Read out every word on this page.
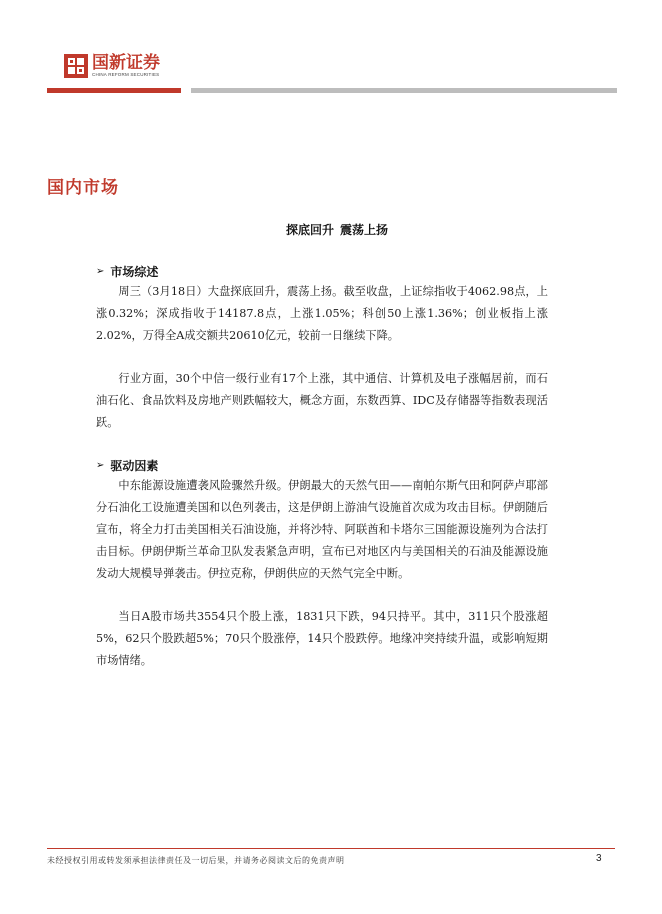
国新证券
CHINA REFORM SECURITIES
国内市场
探底回升 震荡上扬
➢ 市场综述

周三（3月18日）大盘探底回升，震荡上扬。截至收盘，上证综指收于4062.98点，上涨0.32%；深成指收于14187.8点，上涨1.05%；科创50上涨1.36%；创业板指上涨2.02%，万得全A成交额共20610亿元，较前一日继续下降。

行业方面，30个中信一级行业有17个上涨，其中通信、计算机及电子涨幅居前，而石油石化、食品饮料及房地产则跌幅较大，概念方面，东数西算、IDC及存储器等指数表现活跃。

➢ 驱动因素

中东能源设施遭袭风险骤然升级。伊朗最大的天然气田——南帕尔斯气田和阿萨卢耶部分石油化工设施遭美国和以色列袭击，这是伊朗上游油气设施首次成为攻击目标。伊朗随后宣布，将全力打击美国相关石油设施，并将沙特、阿联酋和卡塔尔三国能源设施列为合法打击目标。伊朗伊斯兰革命卫队发表紧急声明，宣布已对地区内与美国相关的石油及能源设施发动大规模导弹袭击。伊拉克称，伊朗供应的天然气完全中断。

当日A股市场共3554只个股上涨，1831只下跌，94只持平。其中，311只个股涨超5%，62只个股跌超5%；70只个股涨停，14只个股跌停。地缘冲突持续升温，或影响短期市场情绪。

未经授权引用或转发须承担法律责任及一切后果，并请务必阅读文后的免责声明	3
